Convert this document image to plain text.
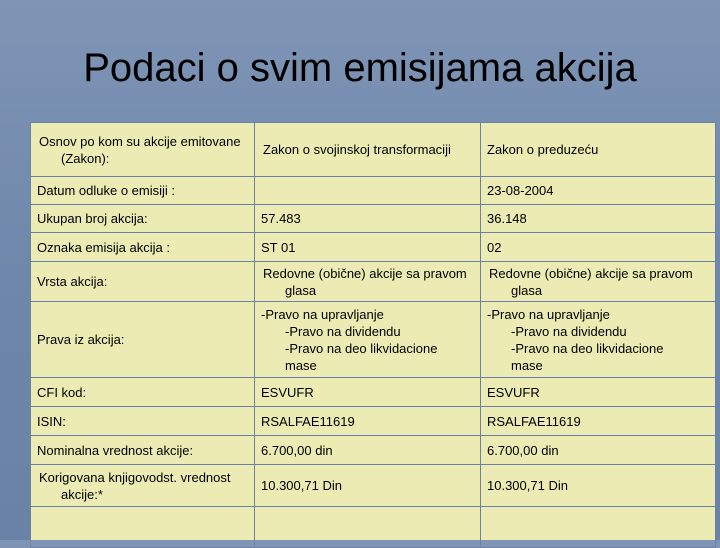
Podaci o svim emisijama akcija
Osnov po kom su akcije emitovane (Zakon):	Zakon o svojinskoj transformaciji	Zakon o preduzeću
Datum odluke o emisiji :		23-08-2004
Ukupan broj akcija:	57.483	36.148
Oznaka emisija akcija :	ST 01	02
Vrsta akcija:	Redovne (obične) akcije sa pravom glasa	Redovne (obične) akcije sa pravom glasa

Prava iz akcija:	-Pravo na upravljanje
-Pravo na dividendu
-Pravo na deo likvidacione
mase	-Pravo na upravljanje
-Pravo na dividendu
-Pravo na deo likvidacione
mase

CFI kod:	ESVUFR	ESVUFR
ISIN:	RSALFAE11619	RSALFAE11619
Nominalna vrednost akcije:	6.700,00 din	6.700,00 din

Korigovana knjigovodst. vrednost akcije:*	10.300,71 Din	10.300,71 Din
